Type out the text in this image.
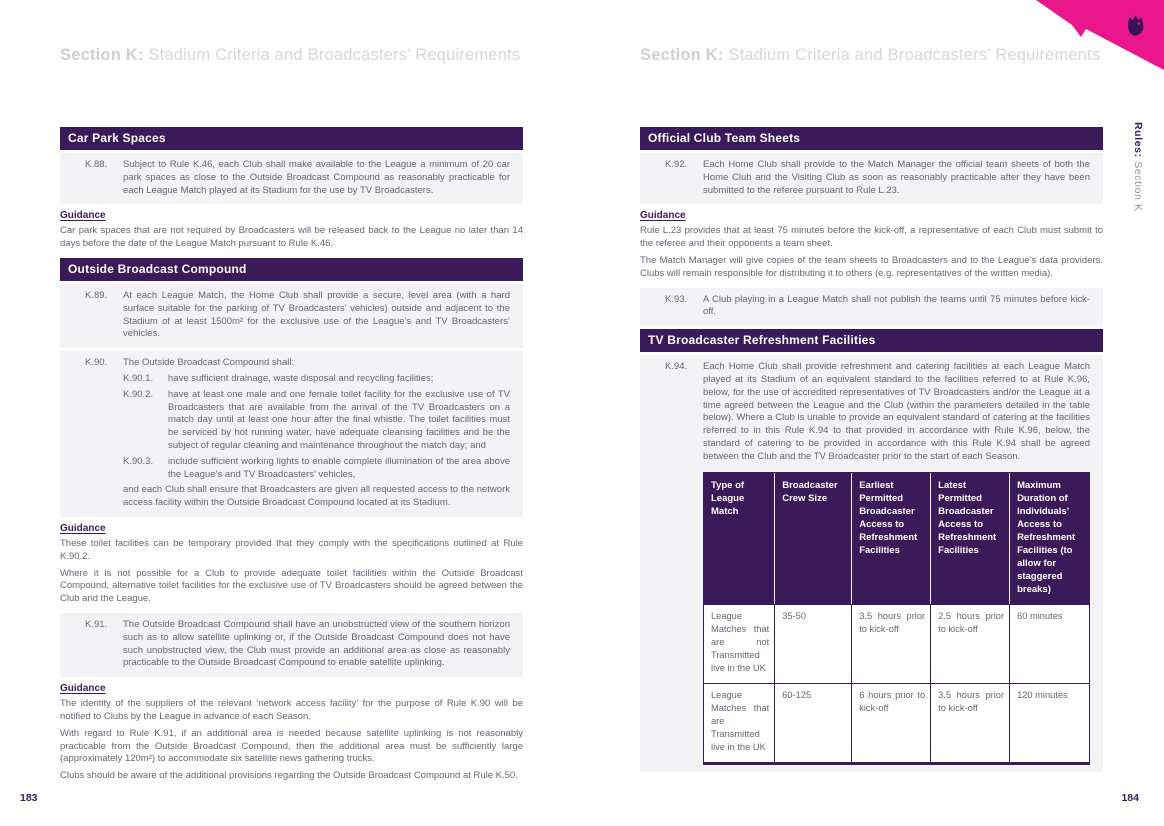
Rules: Section K
Section K: Stadium Criteria and Broadcasters’ Requirements
Car Park Spaces
K.88.	Subject to Rule K.46, each Club shall make available to the League a minimum of 20 car park spaces as close to the Outside Broadcast Compound as reasonably practicable for each League Match played at its Stadium for the use by TV Broadcasters.
Guidance

Car park spaces that are not required by Broadcasters will be released back to the League no later than 14 days before the date of the League Match pursuant to Rule K.46.

Outside Broadcast Compound
K.89.	At each League Match, the Home Club shall provide a secure, level area (with a hard surface suitable for the parking of TV Broadcasters’ vehicles) outside and adjacent to the Stadium of at least 1500m² for the exclusive use of the League’s and TV Broadcasters’ vehicles.
K.90.	The Outside Broadcast Compound shall:

K.90.1.	have sufficient drainage, waste disposal and recycling facilities;
K.90.2.	have at least one male and one female toilet facility for the exclusive use of TV Broadcasters that are available from the arrival of the TV Broadcasters on a match day until at least one hour after the final whistle. The toilet facilities must be serviced by hot running water, have adequate cleansing facilities and be the subject of regular cleaning and maintenance throughout the match day; and
K.90.3.	include sufficient working lights to enable complete illumination of the area above the League’s and TV Broadcasters’ vehicles,

and each Club shall ensure that Broadcasters are given all requested access to the network access facility within the Outside Broadcast Compound located at its Stadium.

Guidance

These toilet facilities can be temporary provided that they comply with the specifications outlined at Rule K.90.2.

Where it is not possible for a Club to provide adequate toilet facilities within the Outside Broadcast Compound, alternative toilet facilities for the exclusive use of TV Broadcasters should be agreed between the Club and the League.

K.91.	The Outside Broadcast Compound shall have an unobstructed view of the southern horizon such as to allow satellite uplinking or, if the Outside Broadcast Compound does not have such unobstructed view, the Club must provide an additional area as close as reasonably practicable to the Outside Broadcast Compound to enable satellite uplinking.
Guidance

The identity of the suppliers of the relevant ‘network access facility’ for the purpose of Rule K.90 will be notified to Clubs by the League in advance of each Season.

With regard to Rule K.91, if an additional area is needed because satellite uplinking is not reasonably practicable from the Outside Broadcast Compound, then the additional area must be sufficiently large (approximately 120m²) to accommodate six satellite news gathering trucks.

Clubs should be aware of the additional provisions regarding the Outside Broadcast Compound at Rule K.50.

183
Section K: Stadium Criteria and Broadcasters’ Requirements
Official Club Team Sheets
K.92.	Each Home Club shall provide to the Match Manager the official team sheets of both the Home Club and the Visiting Club as soon as reasonably practicable after they have been submitted to the referee pursuant to Rule L.23.
Guidance

Rule L.23 provides that at least 75 minutes before the kick-off, a representative of each Club must submit to the referee and their opponents a team sheet.

The Match Manager will give copies of the team sheets to Broadcasters and to the League’s data providers. Clubs will remain responsible for distributing it to others (e.g. representatives of the written media).

K.93.	A Club playing in a League Match shall not publish the teams until 75 minutes before kick-off.
TV Broadcaster Refreshment Facilities
K.94.	Each Home Club shall provide refreshment and catering facilities at each League Match played at its Stadium of an equivalent standard to the facilities referred to at Rule K.96, below, for the use of accredited representatives of TV Broadcasters and/or the League at a time agreed between the League and the Club (within the parameters detailed in the table below). Where a Club is unable to provide an equivalent standard of catering at the facilities referred to in this Rule K.94 to that provided in accordance with Rule K.96, below, the standard of catering to be provided in accordance with this Rule K.94 shall be agreed between the Club and the TV Broadcaster prior to the start of each Season.

Type of League Match	Broadcaster Crew Size	Earliest Permitted Broadcaster Access to Refreshment Facilities	Latest Permitted Broadcaster Access to Refreshment Facilities	Maximum Duration of Individuals’ Access to Refreshment Facilities (to allow for staggered breaks)
League Matches that are not Transmitted live in the UK	35-50	3.5 hours prior to kick-off	2.5 hours prior to kick-off	60 minutes
League Matches that are Transmitted live in the UK	60-125	6 hours prior to kick-off	3.5 hours prior to kick-off	120 minutes
184
